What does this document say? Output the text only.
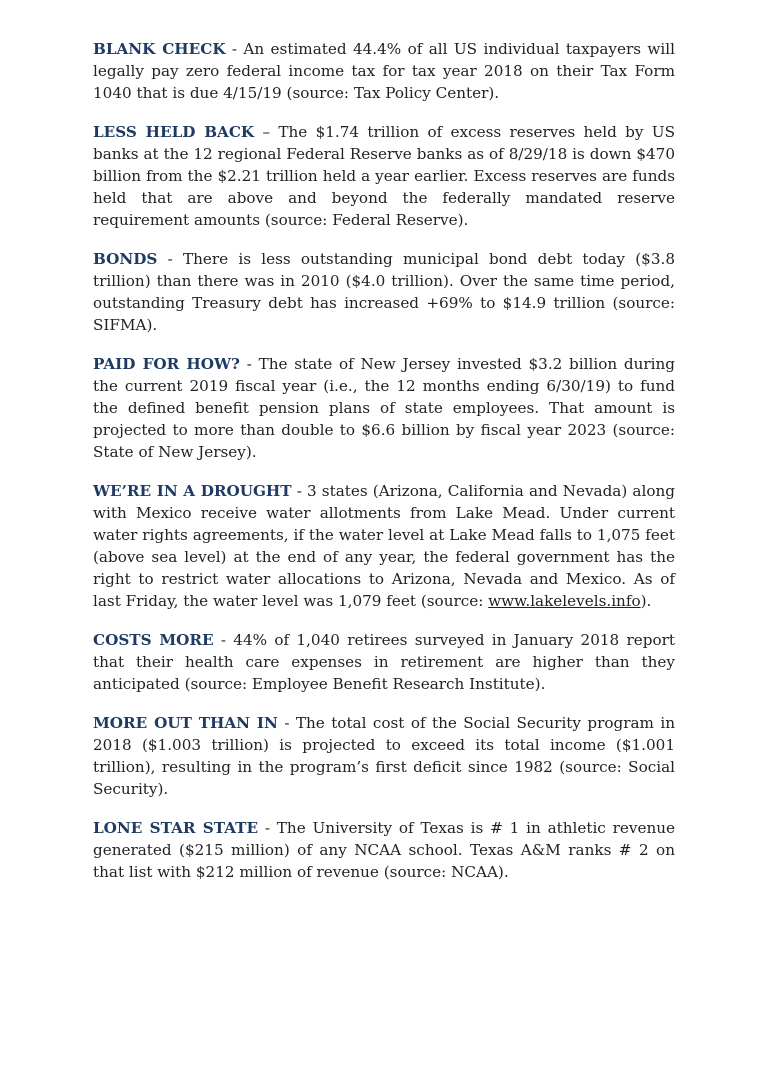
BLANK CHECK - An estimated 44.4% of all US individual taxpayers will legally pay zero federal income tax for tax year 2018 on their Tax Form 1040 that is due 4/15/19 (source: Tax Policy Center).

LESS HELD BACK – The $1.74 trillion of excess reserves held by US banks at the 12 regional Federal Reserve banks as of 8/29/18 is down $470 billion from the $2.21 trillion held a year earlier. Excess reserves are funds held that are above and beyond the federally mandated reserve requirement amounts (source: Federal Reserve).

BONDS - There is less outstanding municipal bond debt today ($3.8 trillion) than there was in 2010 ($4.0 trillion). Over the same time period, outstanding Treasury debt has increased +69% to $14.9 trillion (source: SIFMA).

PAID FOR HOW? - The state of New Jersey invested $3.2 billion during the current 2019 fiscal year (i.e., the 12 months ending 6/30/19) to fund the defined benefit pension plans of state employees. That amount is projected to more than double to $6.6 billion by fiscal year 2023 (source: State of New Jersey).

WE’RE IN A DROUGHT - 3 states (Arizona, California and Nevada) along with Mexico receive water allotments from Lake Mead. Under current water rights agreements, if the water level at Lake Mead falls to 1,075 feet (above sea level) at the end of any year, the federal government has the right to restrict water allocations to Arizona, Nevada and Mexico. As of last Friday, the water level was 1,079 feet (source: www.lakelevels.info).

COSTS MORE - 44% of 1,040 retirees surveyed in January 2018 report that their health care expenses in retirement are higher than they anticipated (source: Employee Benefit Research Institute).

MORE OUT THAN IN - The total cost of the Social Security program in 2018 ($1.003 trillion) is projected to exceed its total income ($1.001 trillion), resulting in the program’s first deficit since 1982 (source: Social Security).

LONE STAR STATE - The University of Texas is # 1 in athletic revenue generated ($215 million) of any NCAA school. Texas A&M ranks # 2 on that list with $212 million of revenue (source: NCAA).
